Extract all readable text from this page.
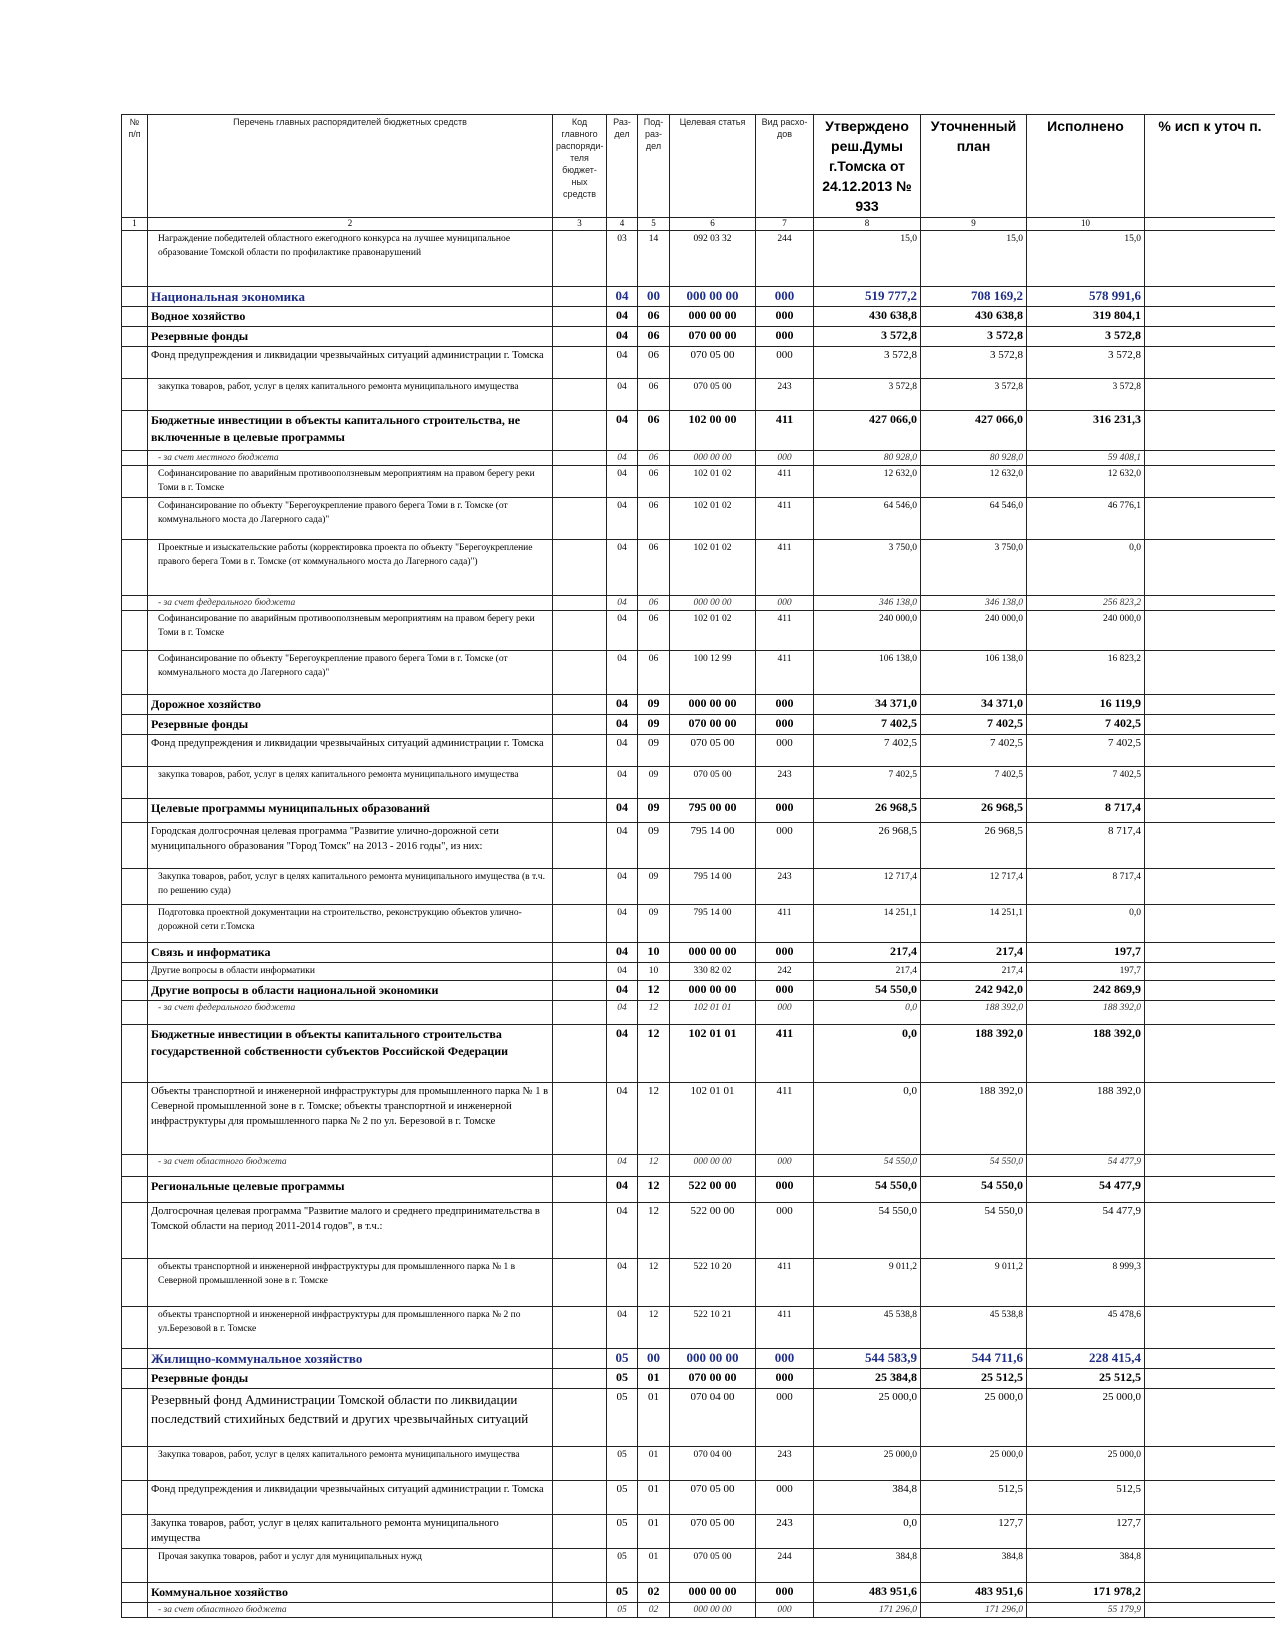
№ п/п	Перечень главных распорядителей бюджетных средств	Код главного распоряди-теля бюджет-ных средств	Раз-дел	Под-раз-дел	Целевая статья	Вид расхо-дов	Утверждено реш.Думы г.Томска от 24.12.2013 № 933	Уточненный план	Исполнено	% исп к уточ п.
1	2	3	4	5	6	7	8	9	10	
	Награждение победителей областного ежегодного конкурса на лучшее муниципальное образование Томской области по профилактике правонарушений		03	14	092 03 32	244	15,0	15,0	15,0	
	Национальная экономика		04	00	000 00 00	000	519 777,2	708 169,2	578 991,6	
	Водное хозяйство		04	06	000 00 00	000	430 638,8	430 638,8	319 804,1	
	Резервные фонды		04	06	070 00 00	000	3 572,8	3 572,8	3 572,8	
	Фонд предупреждения и ликвидации чрезвычайных ситуаций администрации г. Томска		04	06	070 05 00	000	3 572,8	3 572,8	3 572,8	
	закупка товаров, работ, услуг в целях капитального ремонта муниципального имущества		04	06	070 05 00	243	3 572,8	3 572,8	3 572,8	
	Бюджетные инвестиции в объекты капитального строительства, не включенные в целевые программы		04	06	102 00 00	411	427 066,0	427 066,0	316 231,3	
	- за счет местного бюджета		04	06	000 00 00	000	80 928,0	80 928,0	59 408,1	
	Софинансирование по аварийным противооползневым мероприятиям на правом берегу реки Томи в г. Томске		04	06	102 01 02	411	12 632,0	12 632,0	12 632,0	
	Софинансирование по объекту "Берегоукрепление правого берега Томи в г. Томске (от коммунального моста до Лагерного сада)"		04	06	102 01 02	411	64 546,0	64 546,0	46 776,1	
	Проектные и изыскательские работы (корректировка проекта по объекту "Берегоукрепление правого берега Томи в г. Томске (от коммунального моста до Лагерного сада)")		04	06	102 01 02	411	3 750,0	3 750,0	0,0	
	- за счет федерального бюджета		04	06	000 00 00	000	346 138,0	346 138,0	256 823,2	
	Софинансирование по аварийным противооползневым мероприятиям на правом берегу реки Томи в г. Томске		04	06	102 01 02	411	240 000,0	240 000,0	240 000,0	
	Софинансирование по объекту "Берегоукрепление правого берега Томи в г. Томске (от коммунального моста до Лагерного сада)"		04	06	100 12 99	411	106 138,0	106 138,0	16 823,2	
	Дорожное хозяйство		04	09	000 00 00	000	34 371,0	34 371,0	16 119,9	
	Резервные фонды		04	09	070 00 00	000	7 402,5	7 402,5	7 402,5	
	Фонд предупреждения и ликвидации чрезвычайных ситуаций администрации г. Томска		04	09	070 05 00	000	7 402,5	7 402,5	7 402,5	
	закупка товаров, работ, услуг в целях капитального ремонта муниципального имущества		04	09	070 05 00	243	7 402,5	7 402,5	7 402,5	
	Целевые программы муниципальных образований		04	09	795 00 00	000	26 968,5	26 968,5	8 717,4	
	Городская долгосрочная целевая программа "Развитие улично-дорожной сети муниципального образования "Город Томск" на 2013 - 2016 годы", из них:		04	09	795 14 00	000	26 968,5	26 968,5	8 717,4	
	Закупка товаров, работ, услуг в целях капитального ремонта муниципального имущества (в т.ч. по решению суда)		04	09	795 14 00	243	12 717,4	12 717,4	8 717,4	
	Подготовка проектной документации на строительство, реконструкцию объектов улично-дорожной сети г.Томска		04	09	795 14 00	411	14 251,1	14 251,1	0,0	
	Связь и информатика		04	10	000 00 00	000	217,4	217,4	197,7	
	Другие вопросы в области информатики		04	10	330 82 02	242	217,4	217,4	197,7	
	Другие вопросы в области национальной экономики		04	12	000 00 00	000	54 550,0	242 942,0	242 869,9	
	- за счет федерального бюджета		04	12	102 01 01	000	0,0	188 392,0	188 392,0	
	Бюджетные инвестиции в объекты капитального строительства государственной собственности субъектов Российской Федерации		04	12	102 01 01	411	0,0	188 392,0	188 392,0	
	Объекты транспортной и инженерной инфраструктуры для промышленного парка № 1 в Северной промышленной зоне в г. Томске; объекты транспортной и инженерной инфраструктуры для промышленного парка № 2 по ул. Березовой в г. Томске		04	12	102 01 01	411	0,0	188 392,0	188 392,0	
	- за счет областного бюджета		04	12	000 00 00	000	54 550,0	54 550,0	54 477,9	
	Региональные целевые программы		04	12	522 00 00	000	54 550,0	54 550,0	54 477,9	
	Долгосрочная целевая программа "Развитие малого и среднего предпринимательства в Томской области на период 2011-2014 годов", в т.ч.:		04	12	522 00 00	000	54 550,0	54 550,0	54 477,9	
	объекты транспортной и инженерной инфраструктуры для промышленного парка № 1 в Северной промышленной зоне в г. Томске		04	12	522 10 20	411	9 011,2	9 011,2	8 999,3	
	объекты транспортной и инженерной инфраструктуры для промышленного парка № 2 по ул.Березовой в г. Томске		04	12	522 10 21	411	45 538,8	45 538,8	45 478,6	
	Жилищно-коммунальное хозяйство		05	00	000 00 00	000	544 583,9	544 711,6	228 415,4	
	Резервные фонды		05	01	070 00 00	000	25 384,8	25 512,5	25 512,5	
	Резервный фонд Администрации Томской области по ликвидации последствий стихийных бедствий и других чрезвычайных ситуаций		05	01	070 04 00	000	25 000,0	25 000,0	25 000,0	
	Закупка товаров, работ, услуг в целях капитального ремонта муниципального имущества		05	01	070 04 00	243	25 000,0	25 000,0	25 000,0	
	Фонд предупреждения и ликвидации чрезвычайных ситуаций администрации г. Томска		05	01	070 05 00	000	384,8	512,5	512,5	
	Закупка товаров, работ, услуг в целях капитального ремонта муниципального имущества		05	01	070 05 00	243	0,0	127,7	127,7	
	Прочая закупка товаров, работ и услуг для муниципальных нужд		05	01	070 05 00	244	384,8	384,8	384,8	
	Коммунальное хозяйство		05	02	000 00 00	000	483 951,6	483 951,6	171 978,2	
	- за счет областного бюджета		05	02	000 00 00	000	171 296,0	171 296,0	55 179,9	
